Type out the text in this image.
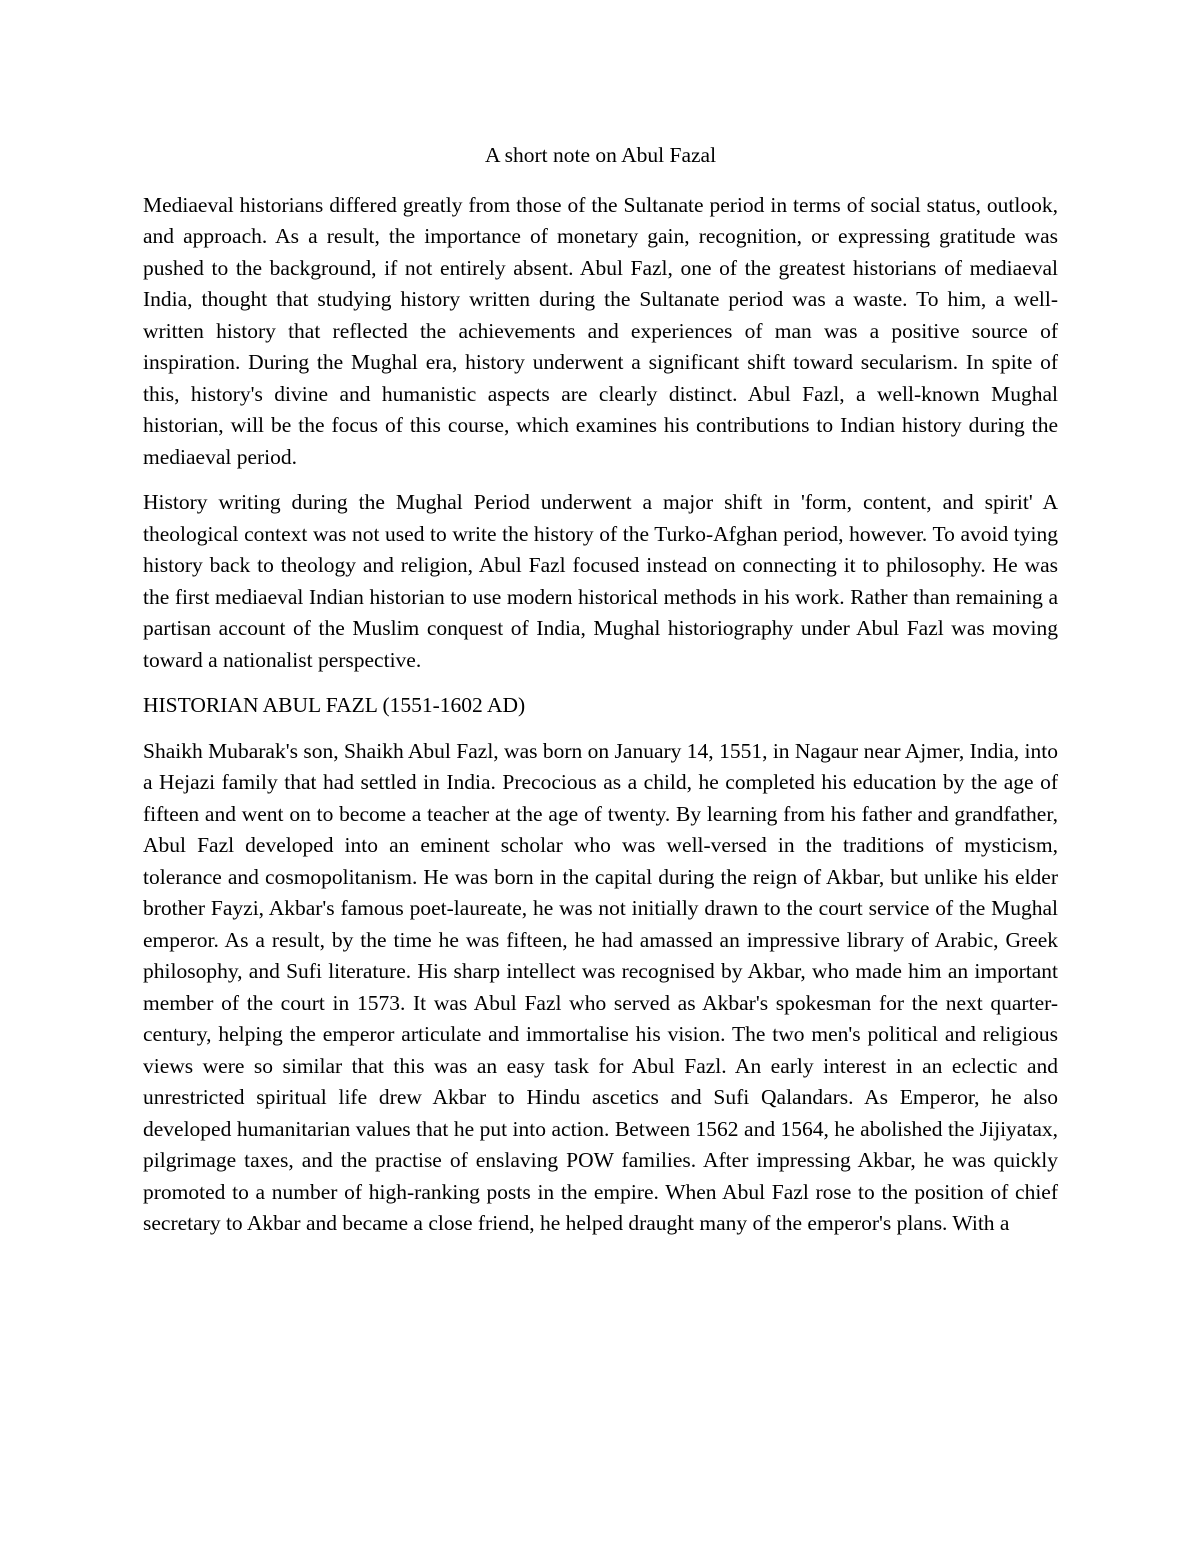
A short note on Abul Fazal

Mediaeval historians differed greatly from those of the Sultanate period in terms of social status, outlook, and approach. As a result, the importance of monetary gain, recognition, or expressing gratitude was pushed to the background, if not entirely absent. Abul Fazl, one of the greatest historians of mediaeval India, thought that studying history written during the Sultanate period was a waste. To him, a well-written history that reflected the achievements and experiences of man was a positive source of inspiration. During the Mughal era, history underwent a significant shift toward secularism. In spite of this, history's divine and humanistic aspects are clearly distinct. Abul Fazl, a well-known Mughal historian, will be the focus of this course, which examines his contributions to Indian history during the mediaeval period.

History writing during the Mughal Period underwent a major shift in 'form, content, and spirit' A theological context was not used to write the history of the Turko-Afghan period, however. To avoid tying history back to theology and religion, Abul Fazl focused instead on connecting it to philosophy. He was the first mediaeval Indian historian to use modern historical methods in his work. Rather than remaining a partisan account of the Muslim conquest of India, Mughal historiography under Abul Fazl was moving toward a nationalist perspective.

HISTORIAN ABUL FAZL (1551-1602 AD)

Shaikh Mubarak's son, Shaikh Abul Fazl, was born on January 14, 1551, in Nagaur near Ajmer, India, into a Hejazi family that had settled in India. Precocious as a child, he completed his education by the age of fifteen and went on to become a teacher at the age of twenty. By learning from his father and grandfather, Abul Fazl developed into an eminent scholar who was well-versed in the traditions of mysticism, tolerance and cosmopolitanism. He was born in the capital during the reign of Akbar, but unlike his elder brother Fayzi, Akbar's famous poet-laureate, he was not initially drawn to the court service of the Mughal emperor. As a result, by the time he was fifteen, he had amassed an impressive library of Arabic, Greek philosophy, and Sufi literature. His sharp intellect was recognised by Akbar, who made him an important member of the court in 1573. It was Abul Fazl who served as Akbar's spokesman for the next quarter-century, helping the emperor articulate and immortalise his vision. The two men's political and religious views were so similar that this was an easy task for Abul Fazl. An early interest in an eclectic and unrestricted spiritual life drew Akbar to Hindu ascetics and Sufi Qalandars. As Emperor, he also developed humanitarian values that he put into action. Between 1562 and 1564, he abolished the Jijiyatax, pilgrimage taxes, and the practise of enslaving POW families. After impressing Akbar, he was quickly promoted to a number of high-ranking posts in the empire. When Abul Fazl rose to the position of chief secretary to Akbar and became a close friend, he helped draught many of the emperor's plans. With a
